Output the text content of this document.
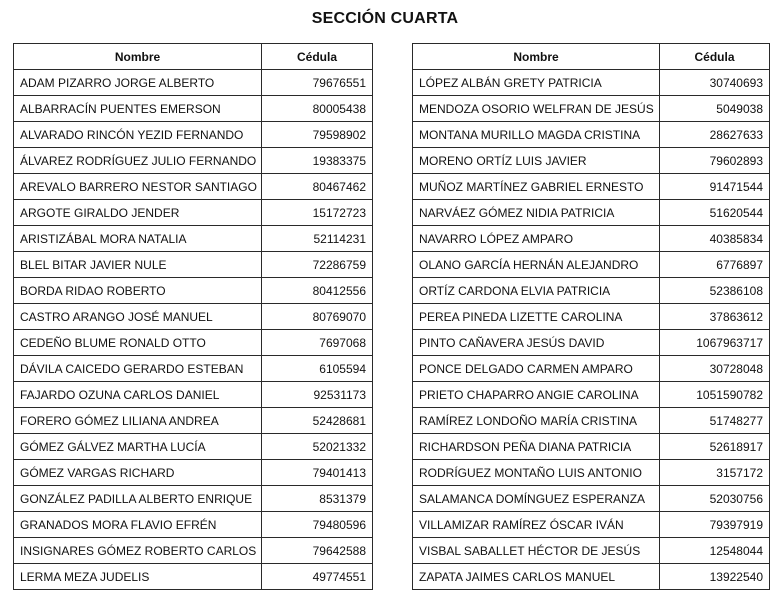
SECCIÓN CUARTA
Nombre	Cédula
ADAM PIZARRO JORGE ALBERTO	79676551
ALBARRACÍN PUENTES EMERSON	80005438
ALVARADO RINCÓN YEZID FERNANDO	79598902
ÁLVAREZ RODRÍGUEZ JULIO FERNANDO	19383375
AREVALO BARRERO NESTOR SANTIAGO	80467462
ARGOTE GIRALDO JENDER	15172723
ARISTIZÁBAL MORA NATALIA	52114231
BLEL BITAR JAVIER NULE	72286759
BORDA RIDAO ROBERTO	80412556
CASTRO ARANGO JOSÉ MANUEL	80769070
CEDEÑO BLUME RONALD OTTO	7697068
DÁVILA CAICEDO GERARDO ESTEBAN	6105594
FAJARDO OZUNA CARLOS DANIEL	92531173
FORERO GÓMEZ LILIANA ANDREA	52428681
GÓMEZ GÁLVEZ MARTHA LUCÍA	52021332
GÓMEZ VARGAS RICHARD	79401413
GONZÁLEZ PADILLA ALBERTO ENRIQUE	8531379
GRANADOS MORA FLAVIO EFRÉN	79480596
INSIGNARES GÓMEZ ROBERTO CARLOS	79642588
LERMA MEZA JUDELIS	49774551
Nombre	Cédula
LÓPEZ ALBÁN GRETY PATRICIA	30740693
MENDOZA OSORIO WELFRAN DE JESÚS	5049038
MONTANA MURILLO MAGDA CRISTINA	28627633
MORENO ORTÍZ LUIS JAVIER	79602893
MUÑOZ MARTÍNEZ GABRIEL ERNESTO	91471544
NARVÁEZ GÓMEZ NIDIA PATRICIA	51620544
NAVARRO LÓPEZ AMPARO	40385834
OLANO GARCÍA HERNÁN ALEJANDRO	6776897
ORTÍZ CARDONA ELVIA PATRICIA	52386108
PEREA PINEDA LIZETTE CAROLINA	37863612
PINTO CAÑAVERA JESÚS DAVID	1067963717
PONCE DELGADO CARMEN AMPARO	30728048
PRIETO CHAPARRO ANGIE CAROLINA	1051590782
RAMÍREZ LONDOÑO MARÍA CRISTINA	51748277
RICHARDSON PEÑA DIANA PATRICIA	52618917
RODRÍGUEZ MONTAÑO LUIS ANTONIO	3157172
SALAMANCA DOMÍNGUEZ ESPERANZA	52030756
VILLAMIZAR RAMÍREZ ÓSCAR IVÁN	79397919
VISBAL SABALLET HÉCTOR DE JESÚS	12548044
ZAPATA JAIMES CARLOS MANUEL	13922540
